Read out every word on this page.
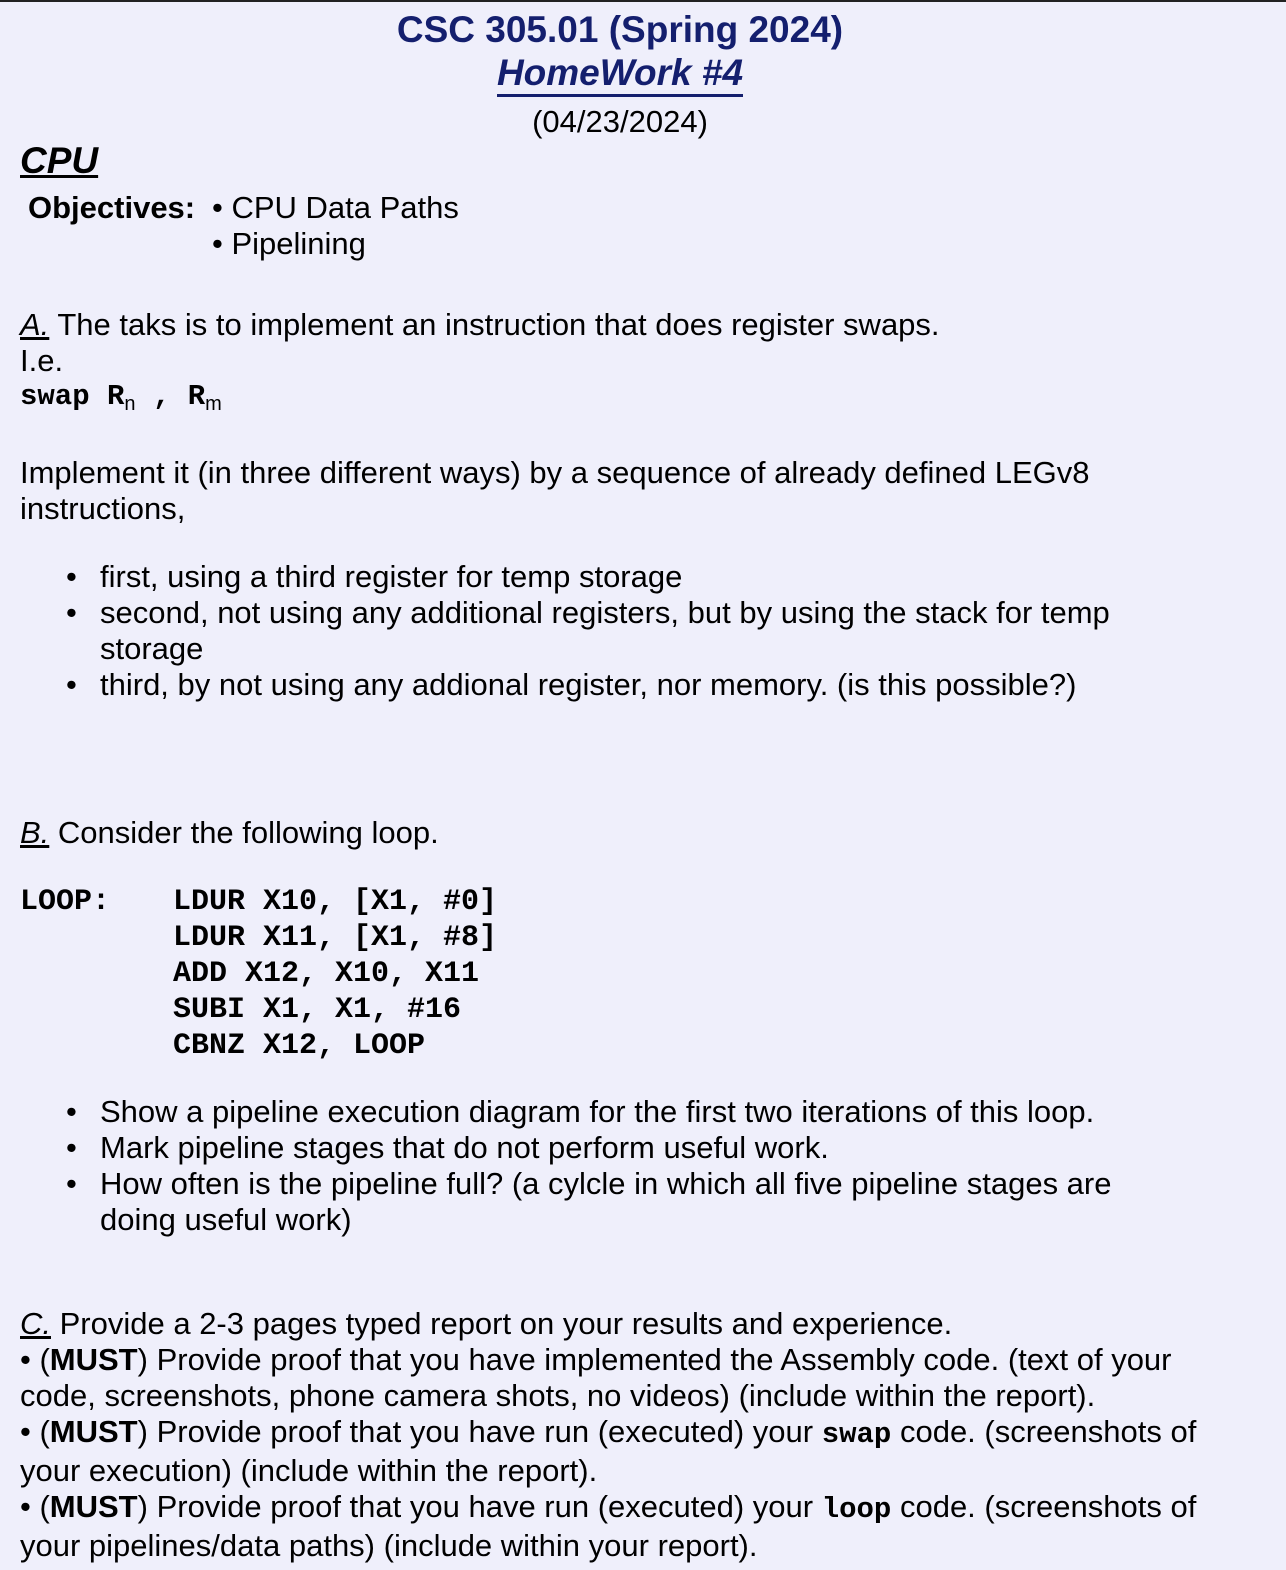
CSC 305.01 (Spring 2024)
HomeWork #4
(04/23/2024)
CPU
Objectives: • CPU Data Paths
• Pipelining
A. The taks is to implement an instruction that does register swaps.
I.e.
swap $R_n$ , $R_m$
Implement it (in three different ways) by a sequence of already defined LEGv8
instructions,
• first, using a third register for temp storage
• second, not using any additional registers, but by using the stack for temp storage
• third, by not using any addional register, nor memory. (is this possible?)
B. Consider the following loop.
LOOP: LDUR X10, [X1, #0]
LDUR X11, [X1, #8]
ADD X12, X10, X11
SUBI X1, X1, #16
CBNZ X12, LOOP
• Show a pipeline execution diagram for the first two iterations of this loop.
• Mark pipeline stages that do not perform useful work.
• How often is the pipeline full? (a cylcle in which all five pipeline stages are doing useful work)
C. Provide a 2-3 pages typed report on your results and experience.
• (MUST) Provide proof that you have implemented the Assembly code. (text of your code, screenshots, phone camera shots, no videos) (include within the report).
• (MUST) Provide proof that you have run (executed) your swap code. (screenshots of your execution) (include within the report).
• (MUST) Provide proof that you have run (executed) your loop code. (screenshots of your pipelines/data paths) (include within your report).
